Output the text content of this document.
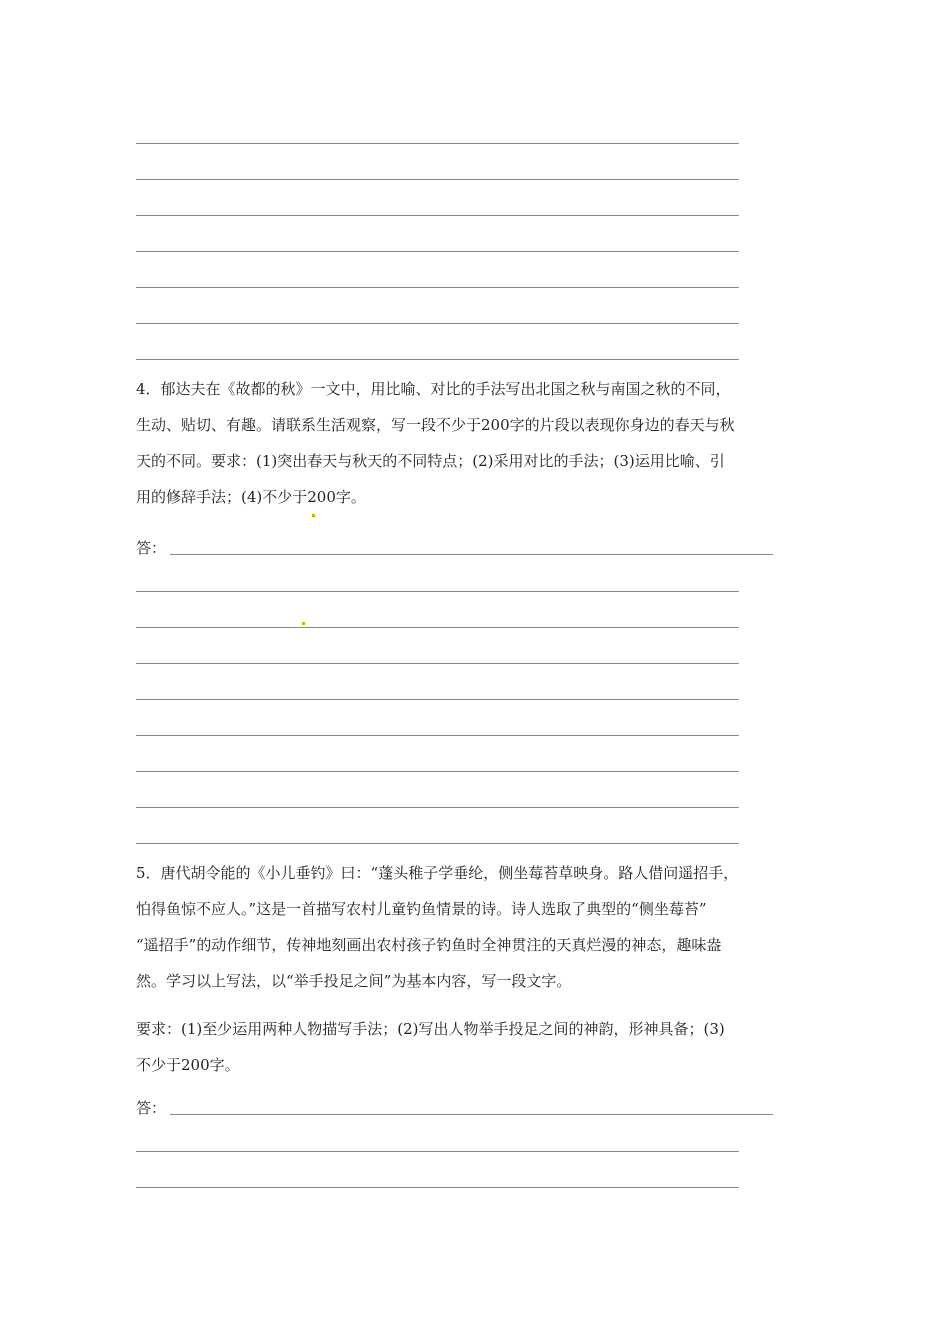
4．郁达夫在《故都的秋》一文中，用比喻、对比的手法写出北国之秋与南国之秋的不同，
生动、贴切、有趣。请联系生活观察，写一段不少于200字的片段以表现你身边的春天与秋
天的不同。要求：(1)突出春天与秋天的不同特点；(2)采用对比的手法；(3)运用比喻、引
用的修辞手法；(4)不少于200字。

答：

5．唐代胡令能的《小儿垂钓》曰：“蓬头稚子学垂纶，侧坐莓苔草映身。路人借问遥招手，
怕得鱼惊不应人。”这是一首描写农村儿童钓鱼情景的诗。诗人选取了典型的“侧坐莓苔”
“遥招手”的动作细节，传神地刻画出农村孩子钓鱼时全神贯注的天真烂漫的神态，趣味盎
然。学习以上写法，以“举手投足之间”为基本内容，写一段文字。

要求：(1)至少运用两种人物描写手法；(2)写出人物举手投足之间的神韵，形神具备；(3)
不少于200字。

答：
